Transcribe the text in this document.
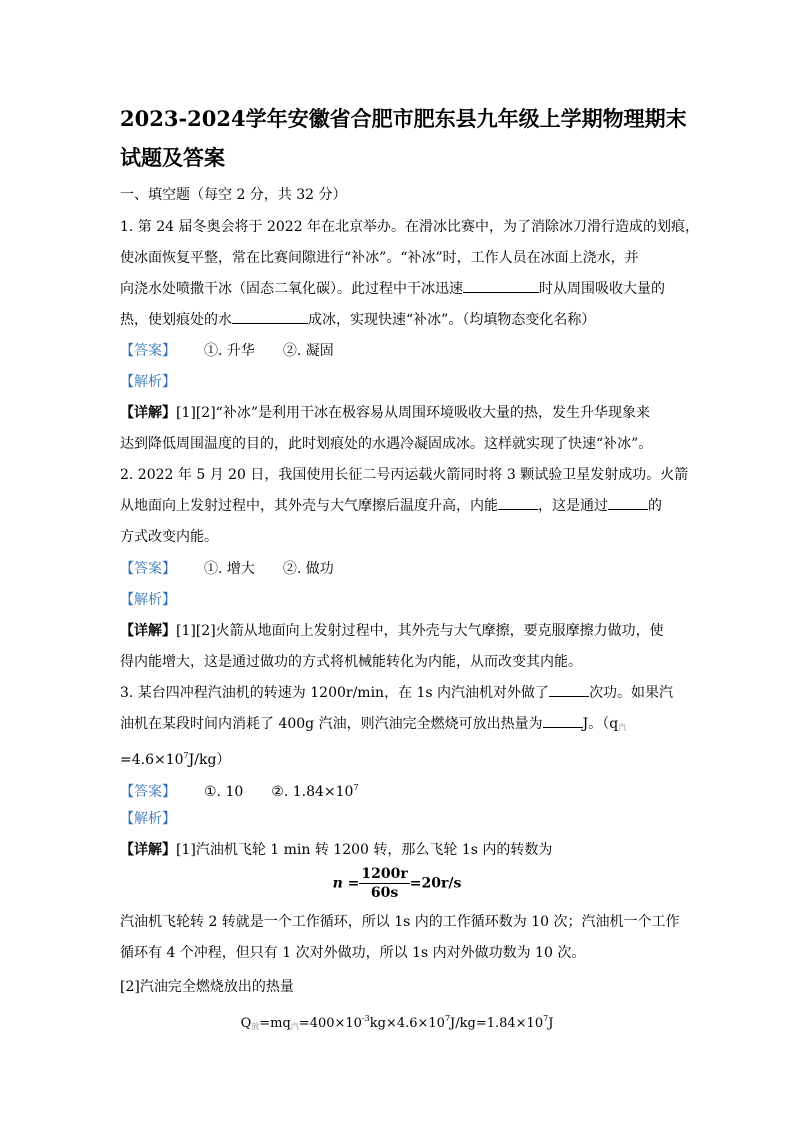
2023-2024学年安徽省合肥市肥东县九年级上学期物理期末
试题及答案
一、填空题（每空 2 分，共 32 分）
1. 第 24 届冬奥会将于 2022 年在北京举办。在滑冰比赛中，为了消除冰刀滑行造成的划痕，
使冰面恢复平整，常在比赛间隙进行“补冰”。“补冰”时，工作人员在冰面上浇水，并
向浇水处喷撒干冰（固态二氧化碳）。此过程中干冰迅速	时从周围吸收大量的
热，使划痕处的水	成冰，实现快速“补冰”。（均填物态变化名称）
【答案】 ①. 升华 ②. 凝固
【解析】
【详解】[1][2]“补冰”是利用干冰在极容易从周围环境吸收大量的热，发生升华现象来
达到降低周围温度的目的，此时划痕处的水遇冷凝固成冰。这样就实现了快速“补冰”。
2. 2022 年 5 月 20 日，我国使用长征二号丙运载火箭同时将 3 颗试验卫星发射成功。火箭
从地面向上发射过程中，其外壳与大气摩擦后温度升高，内能	，这是通过	的
方式改变内能。
【答案】 ①. 增大 ②. 做功
【解析】
【详解】[1][2]火箭从地面向上发射过程中，其外壳与大气摩擦，要克服摩擦力做功，使
得内能增大，这是通过做功的方式将机械能转化为内能，从而改变其内能。
3. 某台四冲程汽油机的转速为 1200r/min，在 1s 内汽油机对外做了	次功。如果汽
油机在某段时间内消耗了 400g 汽油，则汽油完全燃烧可放出热量为	J。（$q_汽$
$=4.6\times 10^7J/kg$）
【答案】 ①. 10 ②. $1.84\times 10^7$
【解析】
【详解】[1]汽油机飞轮 1 min 转 1200 转，那么飞轮 1s 内的转数为
$n = \frac{1200r}{60s} =20r/s$
汽油机飞轮转 2 转就是一个工作循环，所以 1s 内的工作循环数为 10 次；汽油机一个工作
循环有 4 个冲程，但只有 1 次对外做功，所以 1s 内对外做功数为 10 次。
[2]汽油完全燃烧放出的热量
$Q_放=mq_汽=400\times 10^{-3}kg\times 4.6\times 10^7J/kg=1.84\times 10^7J$
